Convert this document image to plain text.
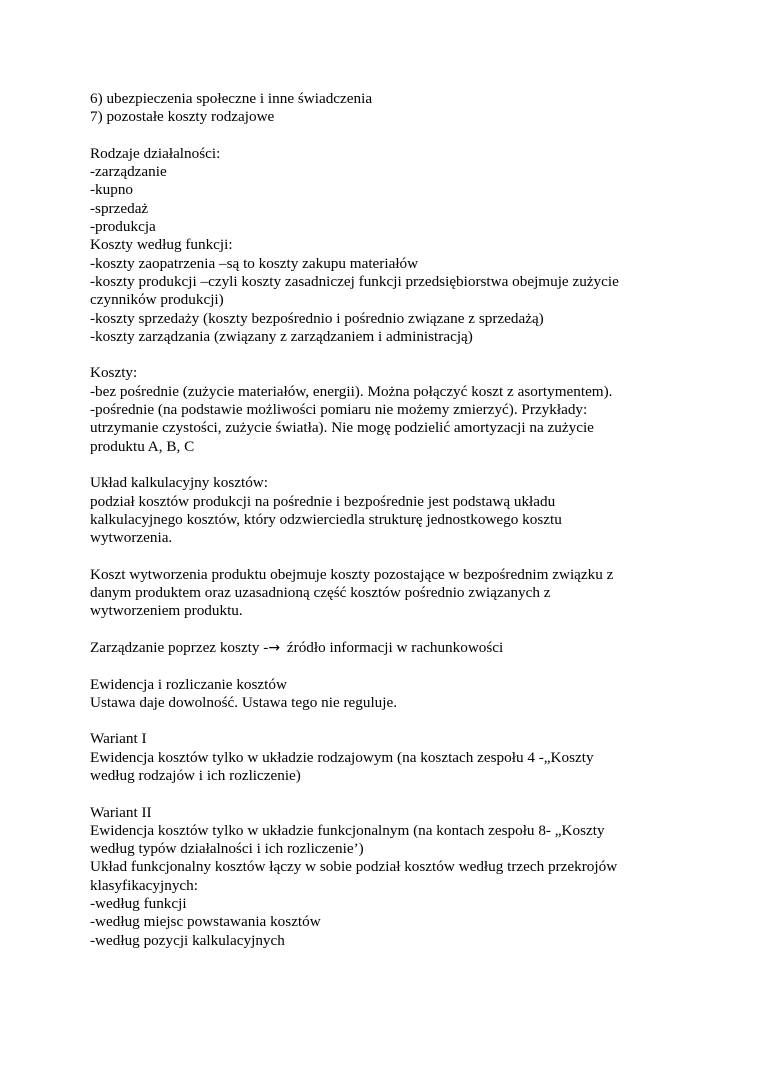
6) ubezpieczenia społeczne i inne świadczenia
7) pozostałe koszty rodzajowe
Rodzaje działalności:
-zarządzanie
-kupno
-sprzedaż
-produkcja
Koszty według funkcji:
-koszty zaopatrzenia –są to koszty zakupu materiałów
-koszty produkcji –czyli koszty zasadniczej funkcji przedsiębiorstwa obejmuje zużycie
czynników produkcji)
-koszty sprzedaży (koszty bezpośrednio i pośrednio związane z sprzedażą)
-koszty zarządzania (związany z zarządzaniem i administracją)
Koszty:
-bez pośrednie (zużycie materiałów, energii). Można połączyć koszt z asortymentem).
-pośrednie (na podstawie możliwości pomiaru nie możemy zmierzyć). Przykłady:
utrzymanie czystości, zużycie światła). Nie mogę podzielić amortyzacji na zużycie
produktu A, B, C
Układ kalkulacyjny kosztów:
podział kosztów produkcji na pośrednie i bezpośrednie jest podstawą układu
kalkulacyjnego kosztów, który odzwierciedla strukturę jednostkowego kosztu
wytworzenia.
Koszt wytworzenia produktu obejmuje koszty pozostające w bezpośrednim związku z
danym produktem oraz uzasadnioną część kosztów pośrednio związanych z
wytworzeniem produktu.
Zarządzanie poprzez koszty -→ źródło informacji w rachunkowości
Ewidencja i rozliczanie kosztów
Ustawa daje dowolność. Ustawa tego nie reguluje.
Wariant I
Ewidencja kosztów tylko w układzie rodzajowym (na kosztach zespołu 4 -„Koszty
według rodzajów i ich rozliczenie)
Wariant II
Ewidencja kosztów tylko w układzie funkcjonalnym (na kontach zespołu 8- „Koszty
według typów działalności i ich rozliczenie’)
Układ funkcjonalny kosztów łączy w sobie podział kosztów według trzech przekrojów
klasyfikacyjnych:
-według funkcji
-według miejsc powstawania kosztów
-według pozycji kalkulacyjnych
